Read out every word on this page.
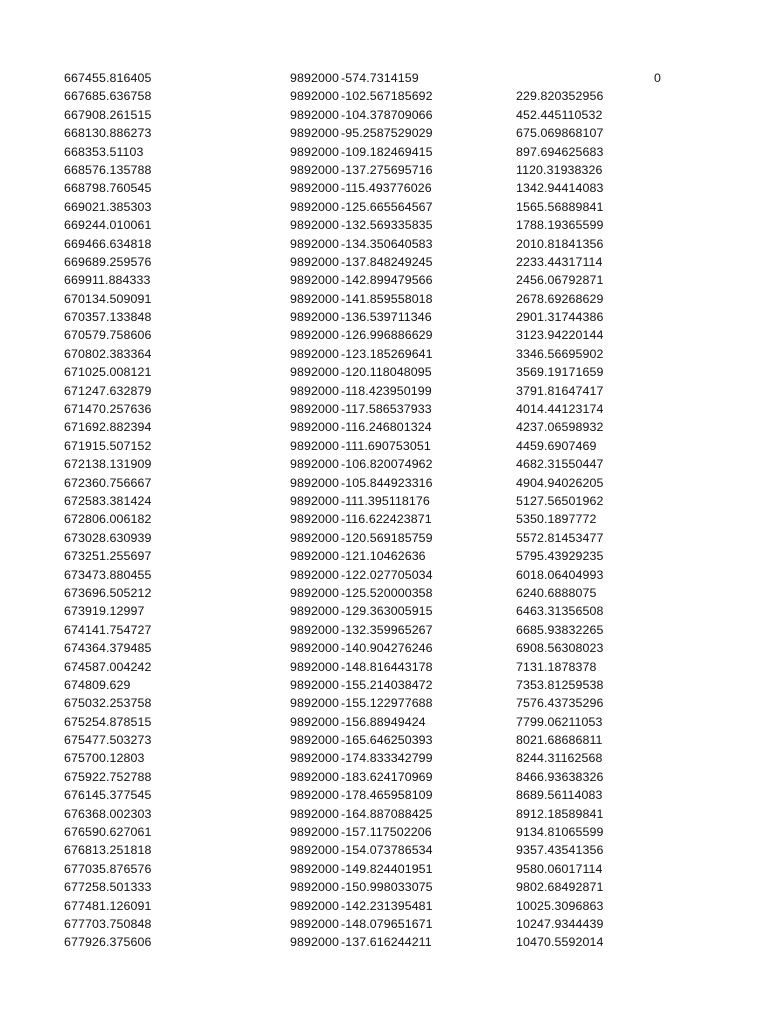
667455.816405	9892000 -574.7314159	0
667685.636758	9892000 -102.567185692	229.820352956
667908.261515	9892000 -104.378709066	452.445110532
668130.886273	9892000 -95.2587529029	675.069868107
668353.51103	9892000 -109.182469415	897.694625683
668576.135788	9892000 -137.275695716	1120.31938326
668798.760545	9892000 -115.493776026	1342.94414083
669021.385303	9892000 -125.665564567	1565.56889841
669244.010061	9892000 -132.569335835	1788.19365599
669466.634818	9892000 -134.350640583	2010.81841356
669689.259576	9892000 -137.848249245	2233.44317114
669911.884333	9892000 -142.899479566	2456.06792871
670134.509091	9892000 -141.859558018	2678.69268629
670357.133848	9892000 -136.539711346	2901.31744386
670579.758606	9892000 -126.996886629	3123.94220144
670802.383364	9892000 -123.185269641	3346.56695902
671025.008121	9892000 -120.118048095	3569.19171659
671247.632879	9892000 -118.423950199	3791.81647417
671470.257636	9892000 -117.586537933	4014.44123174
671692.882394	9892000 -116.246801324	4237.06598932
671915.507152	9892000 -111.690753051	4459.6907469
672138.131909	9892000 -106.820074962	4682.31550447
672360.756667	9892000 -105.844923316	4904.94026205
672583.381424	9892000 -111.395118176	5127.56501962
672806.006182	9892000 -116.622423871	5350.1897772
673028.630939	9892000 -120.569185759	5572.81453477
673251.255697	9892000 -121.10462636	5795.43929235
673473.880455	9892000 -122.027705034	6018.06404993
673696.505212	9892000 -125.520000358	6240.6888075
673919.12997	9892000 -129.363005915	6463.31356508
674141.754727	9892000 -132.359965267	6685.93832265
674364.379485	9892000 -140.904276246	6908.56308023
674587.004242	9892000 -148.816443178	7131.1878378
674809.629	9892000 -155.214038472	7353.81259538
675032.253758	9892000 -155.122977688	7576.43735296
675254.878515	9892000 -156.88949424	7799.06211053
675477.503273	9892000 -165.646250393	8021.68686811
675700.12803	9892000 -174.833342799	8244.31162568
675922.752788	9892000 -183.624170969	8466.93638326
676145.377545	9892000 -178.465958109	8689.56114083
676368.002303	9892000 -164.887088425	8912.18589841
676590.627061	9892000 -157.117502206	9134.81065599
676813.251818	9892000 -154.073786534	9357.43541356
677035.876576	9892000 -149.824401951	9580.06017114
677258.501333	9892000 -150.998033075	9802.68492871
677481.126091	9892000 -142.231395481	10025.3096863
677703.750848	9892000 -148.079651671	10247.9344439
677926.375606	9892000 -137.616244211	10470.5592014
